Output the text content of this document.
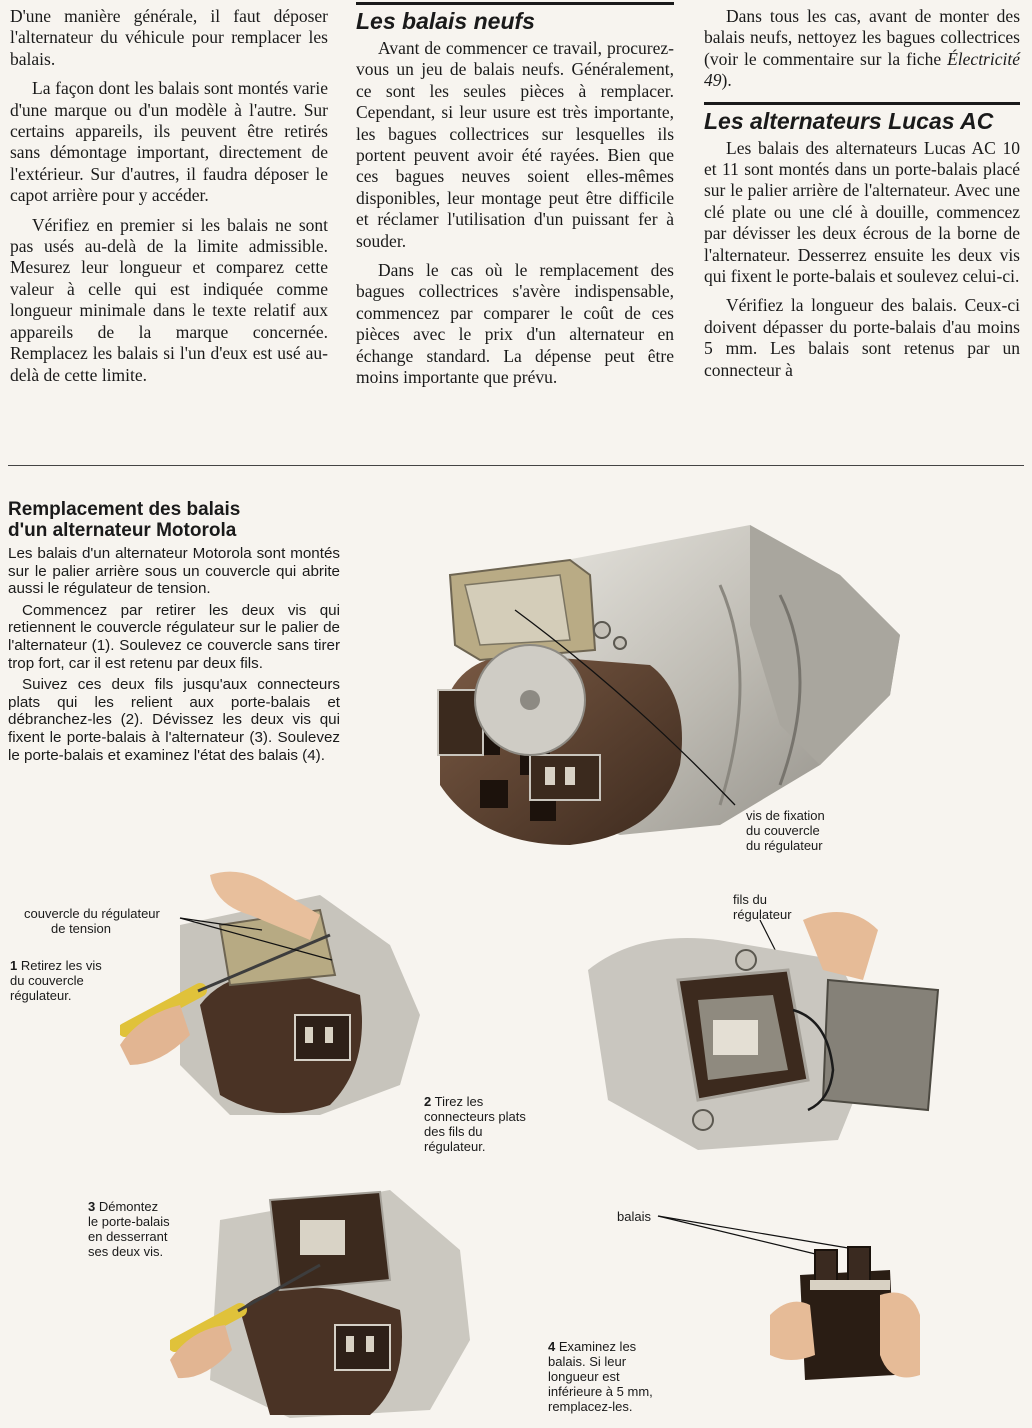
D'une manière générale, il faut déposer l'alternateur du véhicule pour remplacer les balais.

La façon dont les balais sont montés varie d'une marque ou d'un modèle à l'autre. Sur certains appareils, ils peuvent être retirés sans démontage important, directement de l'extérieur. Sur d'autres, il faudra déposer le capot arrière pour y accéder.

Vérifiez en premier si les balais ne sont pas usés au-delà de la limite admissible. Mesurez leur longueur et comparez cette valeur à celle qui est indiquée comme longueur minimale dans le texte relatif aux appareils de la marque concernée. Remplacez les balais si l'un d'eux est usé au-delà de cette limite.

Les balais neufs

Avant de commencer ce travail, procurez-vous un jeu de balais neufs. Généralement, ce sont les seules pièces à remplacer. Cependant, si leur usure est très importante, les bagues collectrices sur lesquelles ils portent peuvent avoir été rayées. Bien que ces bagues neuves soient elles-mêmes disponibles, leur montage peut être difficile et réclamer l'utilisation d'un puissant fer à souder.

Dans le cas où le remplacement des bagues collectrices s'avère indispensable, commencez par comparer le coût de ces pièces avec le prix d'un alternateur en échange standard. La dépense peut être moins importante que prévu.

Dans tous les cas, avant de monter des balais neufs, nettoyez les bagues collectrices (voir le commentaire sur la fiche Électricité 49).

Les alternateurs Lucas AC

Les balais des alternateurs Lucas AC 10 et 11 sont montés dans un porte-balais placé sur le palier arrière de l'alternateur. Avec une clé plate ou une clé à douille, commencez par dévisser les deux écrous de la borne de l'alternateur. Desserrez ensuite les deux vis qui fixent le porte-balais et soulevez celui-ci.

Vérifiez la longueur des balais. Ceux-ci doivent dépasser du porte-balais d'au moins 5 mm. Les balais sont retenus par un connecteur à

Remplacement des balais
d'un alternateur Motorola

Les balais d'un alternateur Motorola sont montés sur le palier arrière sous un couvercle qui abrite aussi le régulateur de tension.

Commencez par retirer les deux vis qui retiennent le couvercle régulateur sur le palier de l'alternateur (1). Soulevez ce couvercle sans tirer trop fort, car il est retenu par deux fils.

Suivez ces deux fils jusqu'aux connecteurs plats qui les relient aux porte-balais et débranchez-les (2). Dévissez les deux vis qui fixent le porte-balais à l'alternateur (3). Soulevez le porte-balais et examinez l'état des balais (4).

vis de fixation
du couvercle
du régulateur
couvercle du régulateur
de tension
1 Retirez les vis
du couvercle
régulateur.
fils du
régulateur
2 Tirez les
connecteurs plats
des fils du
régulateur.
3 Démontez
le porte-balais
en desserrant
ses deux vis.
balais
4 Examinez les
balais. Si leur
longueur est
inférieure à 5 mm,
remplacez-les.
